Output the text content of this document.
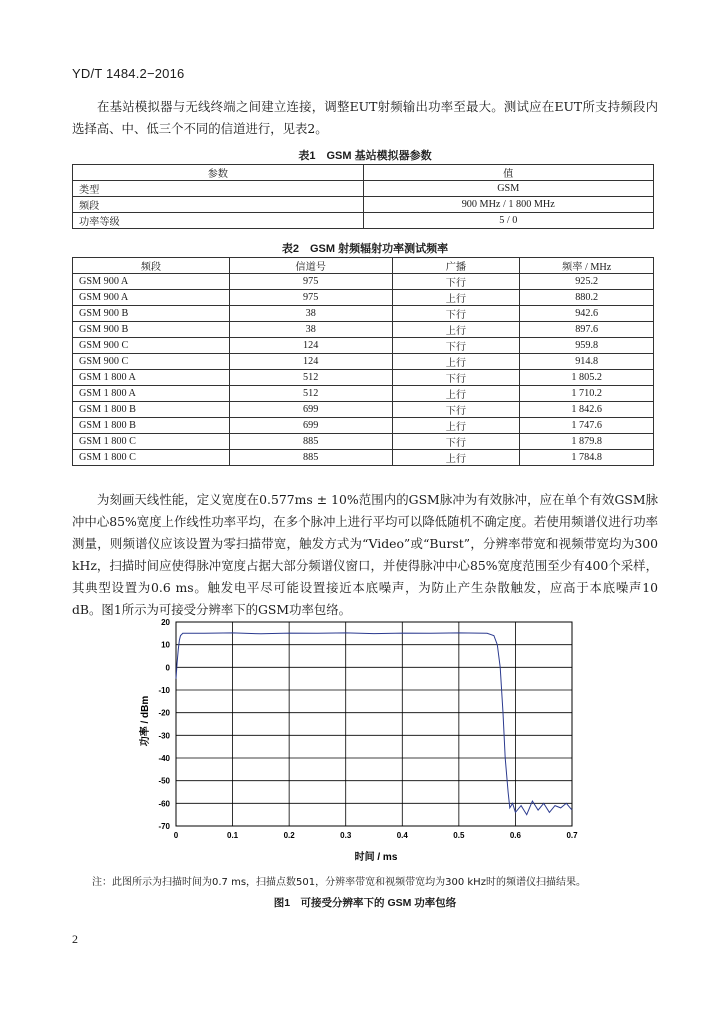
YD/T 1484.2−2016

在基站模拟器与无线终端之间建立连接，调整EUT射频输出功率至最大。测试应在EUT所支持频段内选择高、中、低三个不同的信道进行，见表2。

表1　GSM 基站模拟器参数
参数	值
类型	GSM
频段	900 MHz / 1 800 MHz
功率等级	5 / 0
表2　GSM 射频辐射功率测试频率
频段	信道号	广播	频率 / MHz
GSM 900 A	975	下行	925.2
GSM 900 A	975	上行	880.2
GSM 900 B	38	下行	942.6
GSM 900 B	38	上行	897.6
GSM 900 C	124	下行	959.8
GSM 900 C	124	上行	914.8
GSM 1 800 A	512	下行	1 805.2
GSM 1 800 A	512	上行	1 710.2
GSM 1 800 B	699	下行	1 842.6
GSM 1 800 B	699	上行	1 747.6
GSM 1 800 C	885	下行	1 879.8
GSM 1 800 C	885	上行	1 784.8

为刻画天线性能，定义宽度在0.577ms ± 10%范围内的GSM脉冲为有效脉冲，应在单个有效GSM脉冲中心85%宽度上作线性功率平均，在多个脉冲上进行平均可以降低随机不确定度。若使用频谱仪进行功率测量，则频谱仪应该设置为零扫描带宽，触发方式为“Video”或“Burst”，分辨率带宽和视频带宽均为300 kHz，扫描时间应使得脉冲宽度占据大部分频谱仪窗口，并使得脉冲中心85%宽度范围至少有400个采样，其典型设置为0.6 ms。触发电平尽可能设置接近本底噪声，为防止产生杂散触发，应高于本底噪声10 dB。图1所示为可接受分辨率下的GSM功率包络。

20
10
0
-10
-20
-30
-40
-50
-60
-70
0	0.1	0.2	0.3	0.4	0.5	0.6	0.7
功率 / dBm
时间 / ms
注：此图所示为扫描时间为0.7 ms，扫描点数501，分辨率带宽和视频带宽均为300 kHz时的频谱仪扫描结果。
图1　可接受分辨率下的 GSM 功率包络
2
